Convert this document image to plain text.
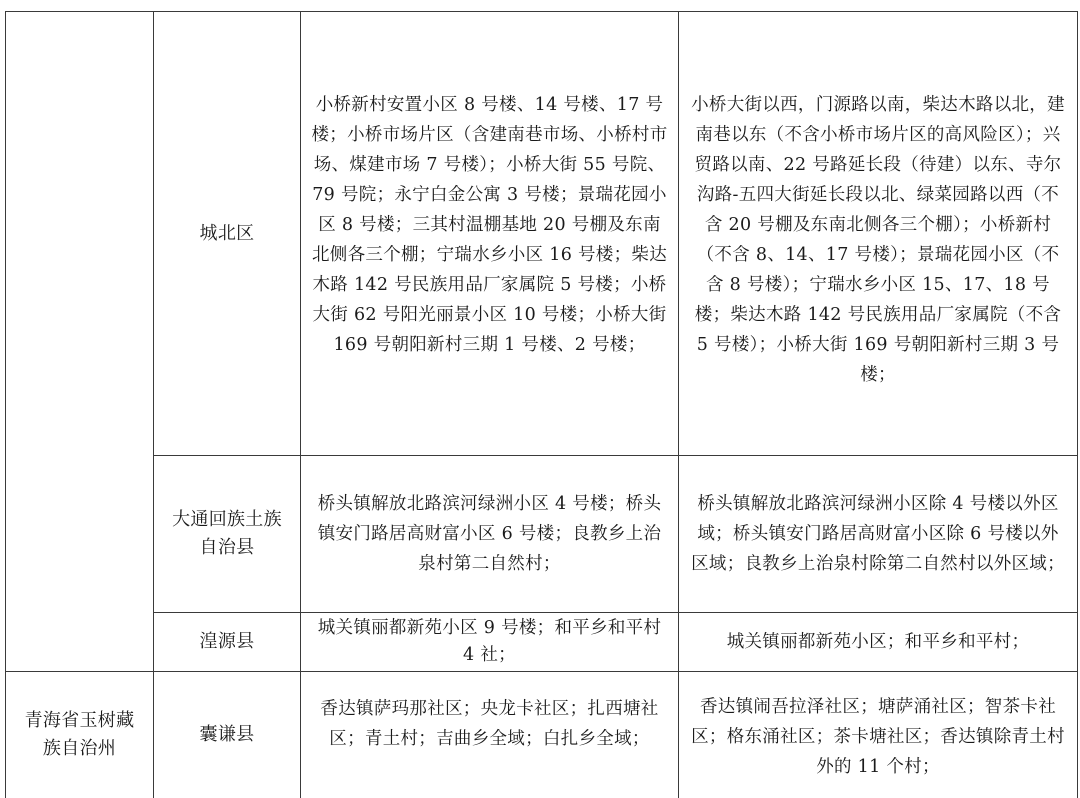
城北区
小桥新村安置小区 8 号楼、14 号楼、17 号楼；小桥市场片区（含建南巷市场、小桥村市场、煤建市场 7 号楼）；小桥大街 55 号院、79 号院；永宁白金公寓 3 号楼；景瑞花园小区 8 号楼；三其村温棚基地 20 号棚及东南北侧各三个棚；宁瑞水乡小区 16 号楼；柴达木路 142 号民族用品厂家属院 5 号楼；小桥大街 62 号阳光丽景小区 10 号楼；小桥大街 169 号朝阳新村三期 1 号楼、2 号楼；
小桥大街以西，门源路以南，柴达木路以北，建南巷以东（不含小桥市场片区的高风险区）；兴贸路以南、22 号路延长段（待建）以东、寺尔沟路-五四大街延长段以北、绿菜园路以西（不含 20 号棚及东南北侧各三个棚）；小桥新村（不含 8、14、17 号楼）；景瑞花园小区（不含 8 号楼）；宁瑞水乡小区 15、17、18 号楼；柴达木路 142 号民族用品厂家属院（不含 5 号楼）；小桥大街 169 号朝阳新村三期 3 号楼；
大通回族土族自治县
桥头镇解放北路滨河绿洲小区 4 号楼；桥头镇安门路居高财富小区 6 号楼；良教乡上治泉村第二自然村；
桥头镇解放北路滨河绿洲小区除 4 号楼以外区域；桥头镇安门路居高财富小区除 6 号楼以外区域；良教乡上治泉村除第二自然村以外区域；
湟源县
城关镇丽都新苑小区 9 号楼；和平乡和平村 4 社；
城关镇丽都新苑小区；和平乡和平村；
青海省玉树藏族自治州
囊谦县
香达镇萨玛那社区；央龙卡社区；扎西塘社区；青土村；吉曲乡全域；白扎乡全域；
香达镇闹吾拉泽社区；塘萨涌社区；智茶卡社区；格东涌社区；茶卡塘社区；香达镇除青土村外的 11 个村；
